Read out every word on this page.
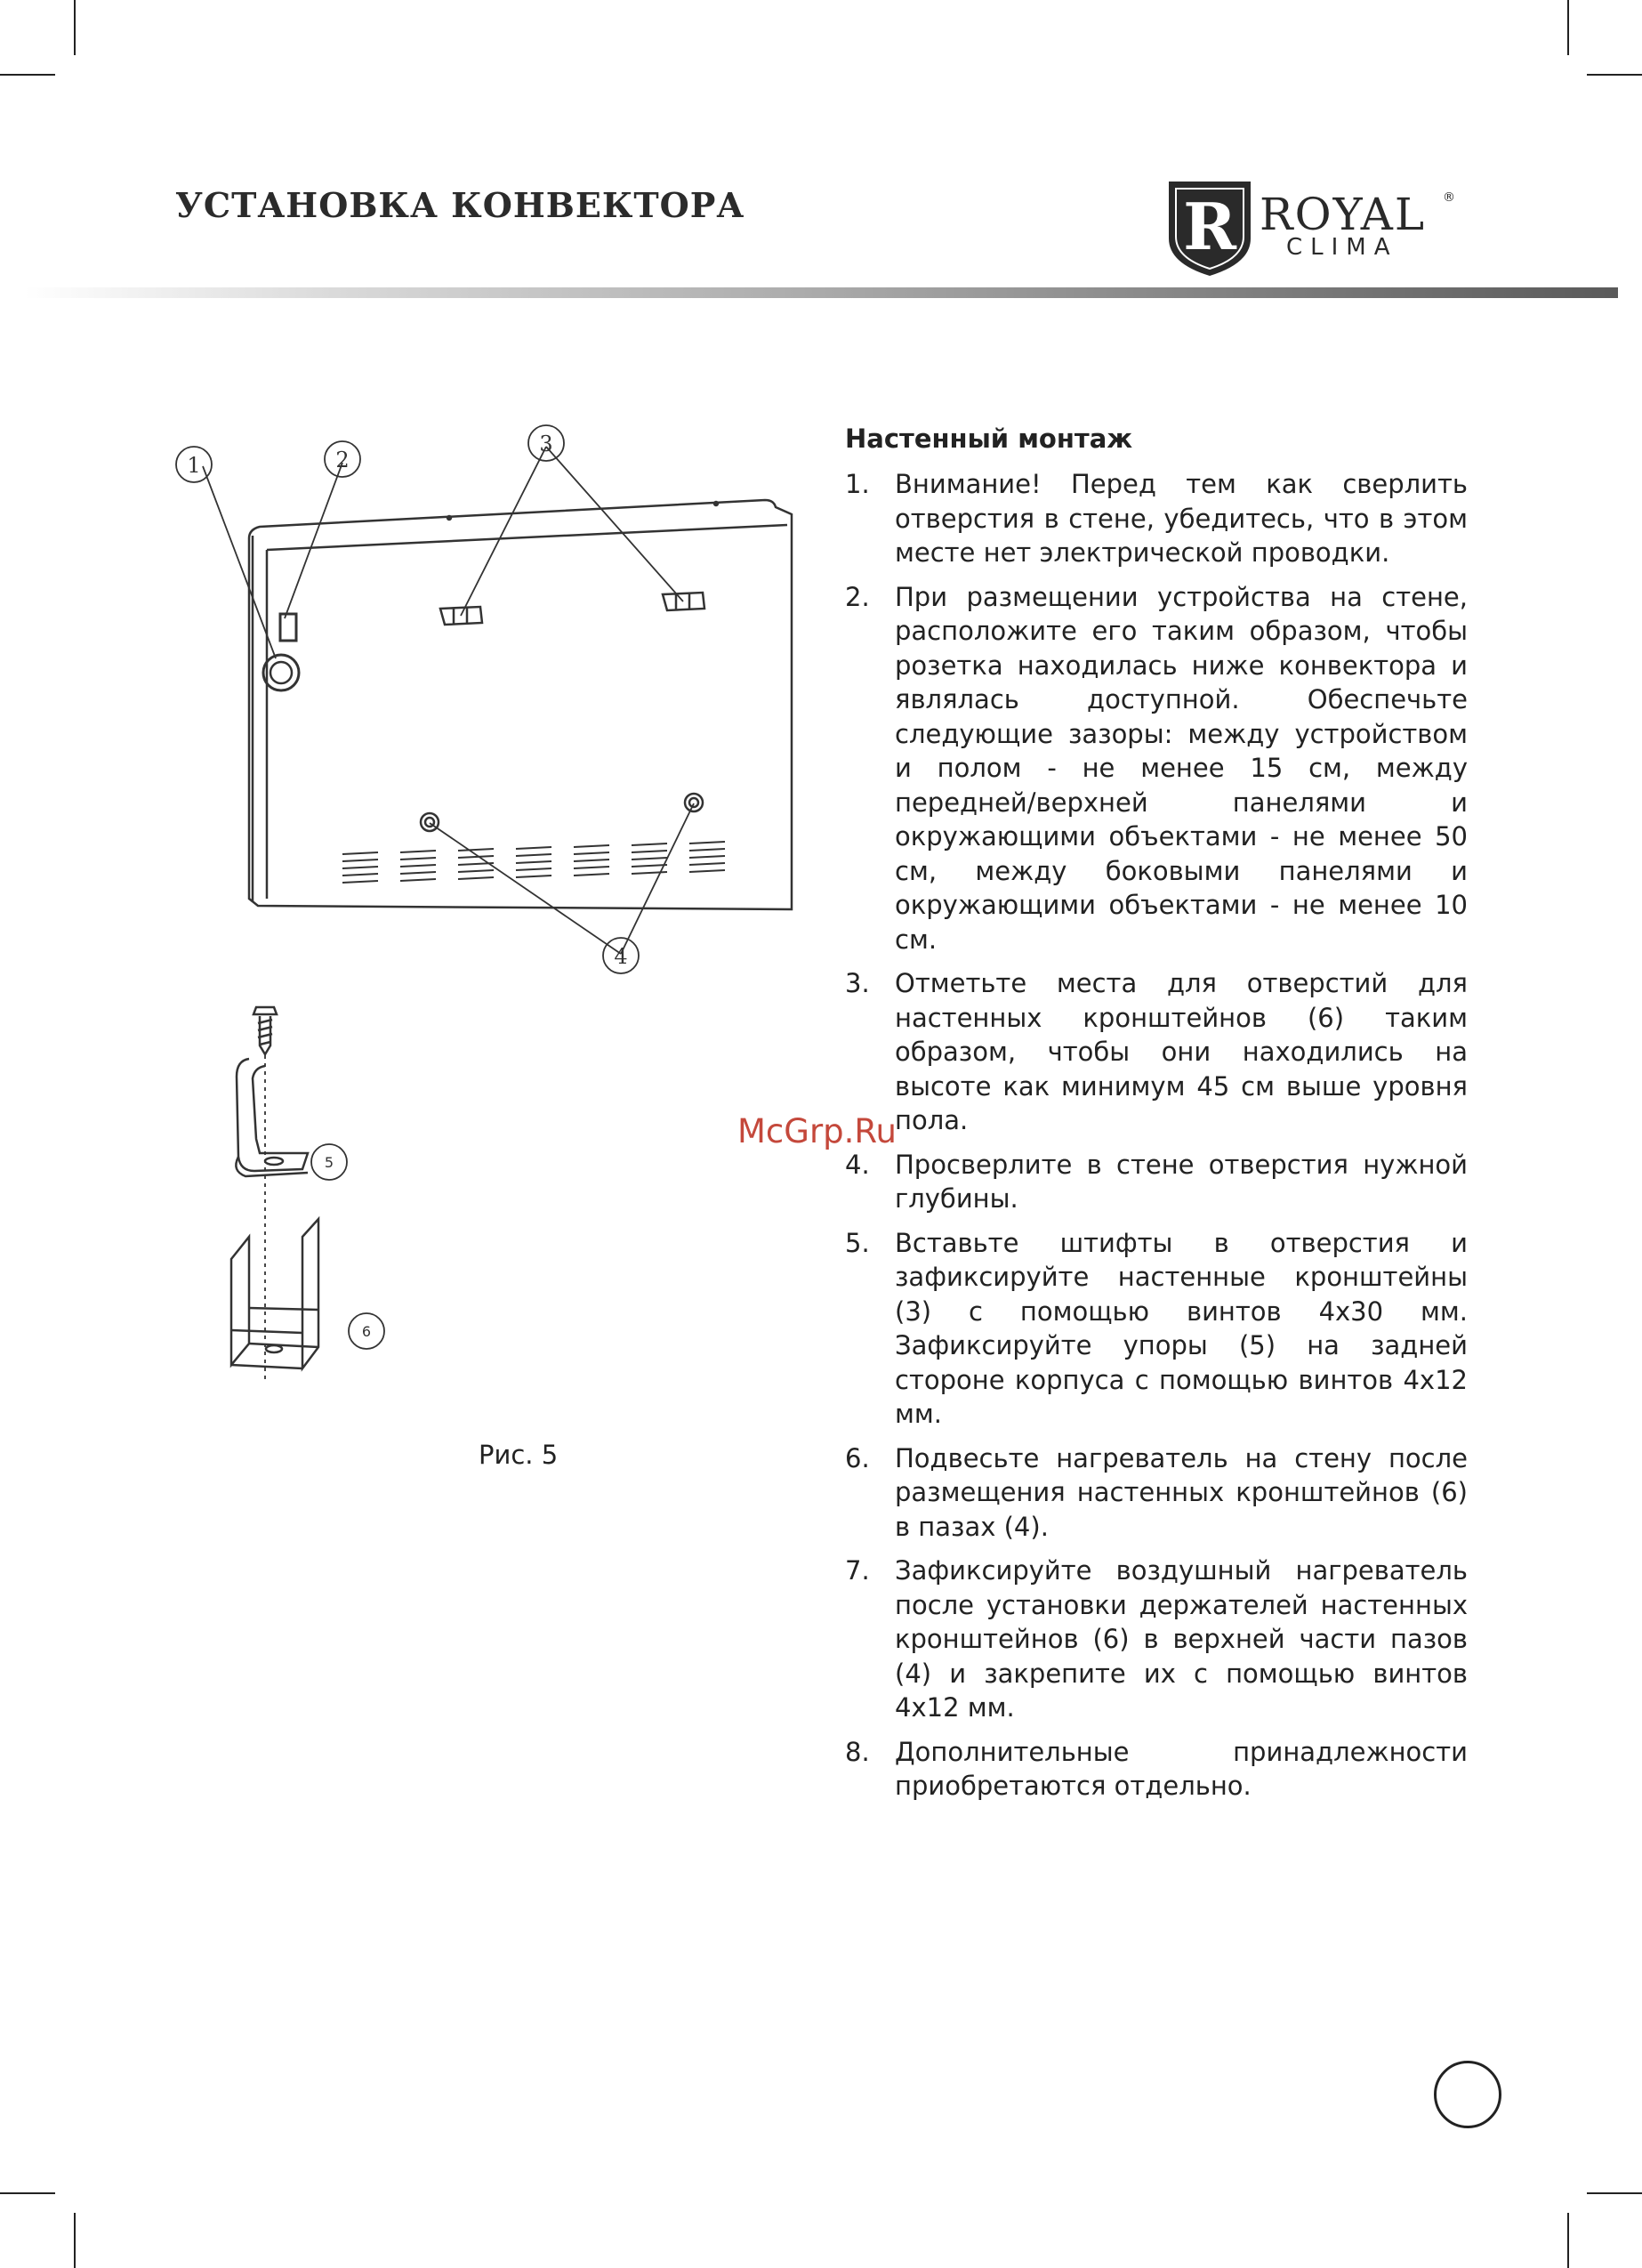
УСТАНОВКА КОНВЕКТОРА	R ROYAL ®
CLIMA
1	2
3
4
5
6
Рис. 5
Настенный монтаж
1. Внимание! Перед тем как сверлить отверстия в стене, убедитесь, что в этом месте нет электрической проводки.
2. При размещении устройства на стене, расположите его таким образом, чтобы розетка находилась ниже конвектора и являлась доступной. Обеспечьте следующие зазоры: между устройством и полом - не менее 15 см, между передней/верхней панелями и окружающими объектами - не менее 50 см, между боковыми панелями и окружающими объектами - не менее 10 см.
3. Отметьте места для отверстий для настенных кронштейнов (6) таким образом, чтобы они находились на высоте как минимум 45 см выше уровня пола.
4. Просверлите в стене отверстия нужной глубины.
5. Вставьте штифты в отверстия и зафиксируйте настенные кронштейны (3) с помощью винтов 4х30 мм. Зафиксируйте упоры (5) на задней стороне корпуса с помощью винтов 4х12 мм.
6. Подвесьте нагреватель на стену после размещения настенных кронштейнов (6) в пазах (4).
7. Зафиксируйте воздушный нагреватель после установки держателей настенных кронштейнов (6) в верхней части пазов (4) и закрепите их с помощью винтов 4х12 мм.
8. Дополнительные принадлежности приобретаются отдельно.
McGrp.Ru
